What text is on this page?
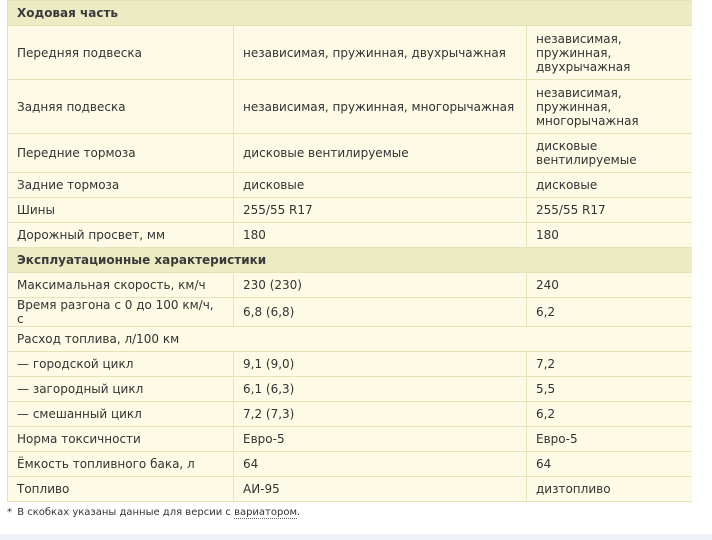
Ходовая часть		
Передняя подвеска	независимая, пружинная, двухрычажная	независимая, пружинная, двухрычажная
Задняя подвеска	независимая, пружинная, многорычажная	независимая, пружинная, многорычажная
Передние тормоза	дисковые вентилируемые	дисковые вентилируемые
Задние тормоза	дисковые	дисковые
Шины	255/55 R17	255/55 R17
Дорожный просвет, мм	180	180
Эксплуатационные характеристики		
Максимальная скорость, км/ч	230 (230)	240
Время разгона с 0 до 100 км/ч, с	6,8 (6,8)	6,2
Расход топлива, л/100 км		
— городской цикл	9,1 (9,0)	7,2
— загородный цикл	6,1 (6,3)	5,5
— смешанный цикл	7,2 (7,3)	6,2
Норма токсичности	Евро-5	Евро-5
Ёмкость топливного бака, л	64	64
Топливо	АИ-95	дизтопливо
* В скобках указаны данные для версии с вариатором.
